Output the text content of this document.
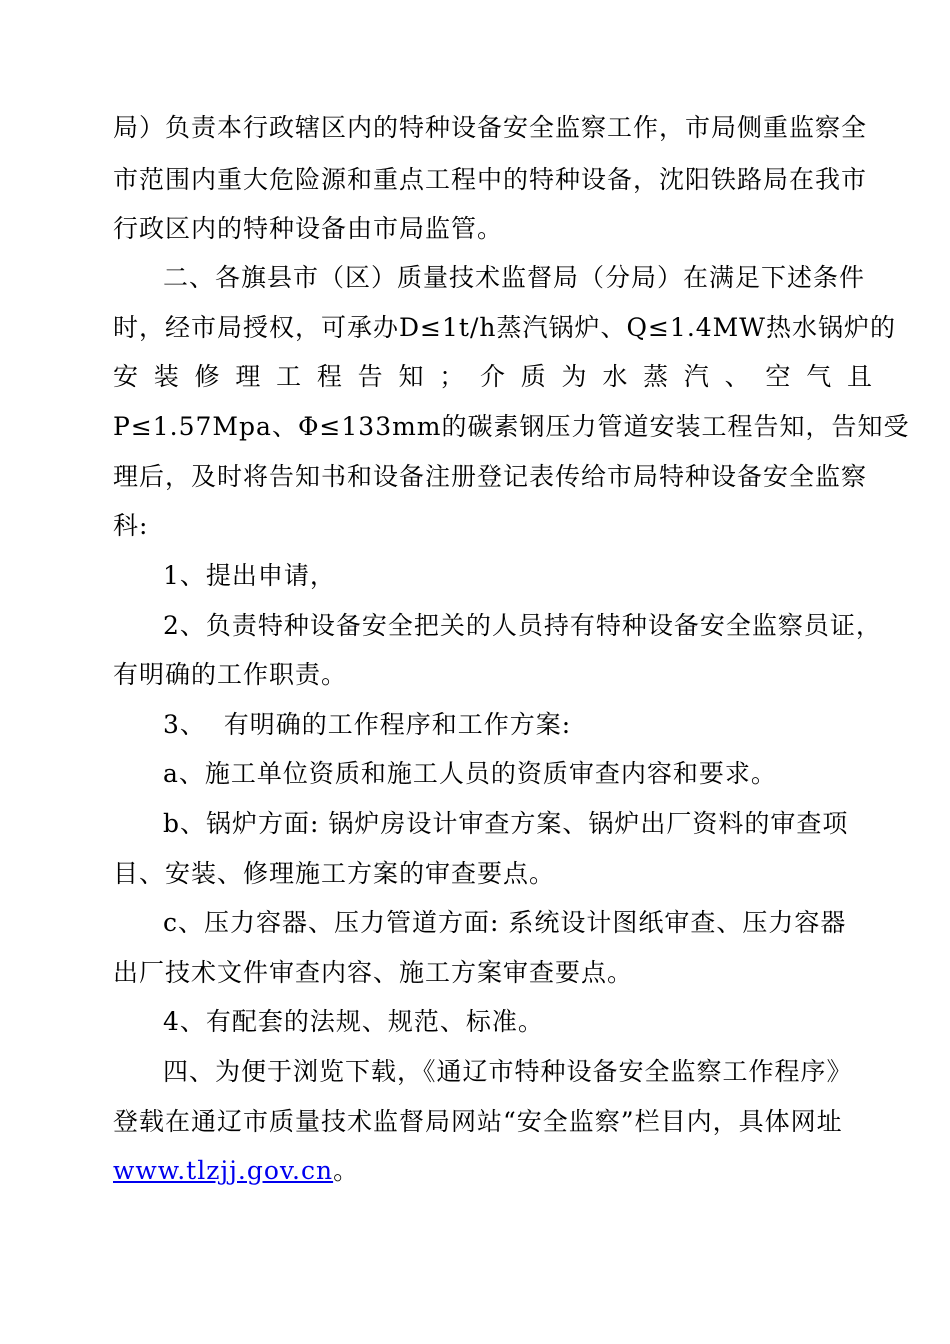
局）负责本行政辖区内的特种设备安全监察工作，市局侧重监察全
市范围内重大危险源和重点工程中的特种设备，沈阳铁路局在我市
行政区内的特种设备由市局监管。
二、各旗县市（区）质量技术监督局（分局）在满足下述条件
时，经市局授权，可承办D≤1t/h蒸汽锅炉、Q≤1.4MW热水锅炉的
安装修理工程告知；介质为水蒸汽、空气且
P≤1.57Mpa、Φ≤133mm的碳素钢压力管道安装工程告知，告知受
理后，及时将告知书和设备注册登记表传给市局特种设备安全监察
科:
1、提出申请，
2、负责特种设备安全把关的人员持有特种设备安全监察员证，
有明确的工作职责。
3、  有明确的工作程序和工作方案:
a、施工单位资质和施工人员的资质审查内容和要求。
b、锅炉方面: 锅炉房设计审查方案、锅炉出厂资料的审查项
目、安装、修理施工方案的审查要点。
c、压力容器、压力管道方面: 系统设计图纸审查、压力容器
出厂技术文件审查内容、施工方案审查要点。
4、有配套的法规、规范、标准。
四、为便于浏览下载，《通辽市特种设备安全监察工作程序》
登载在通辽市质量技术监督局网站“安全监察”栏目内，具体网址
www.tlzjj.gov.cn。
